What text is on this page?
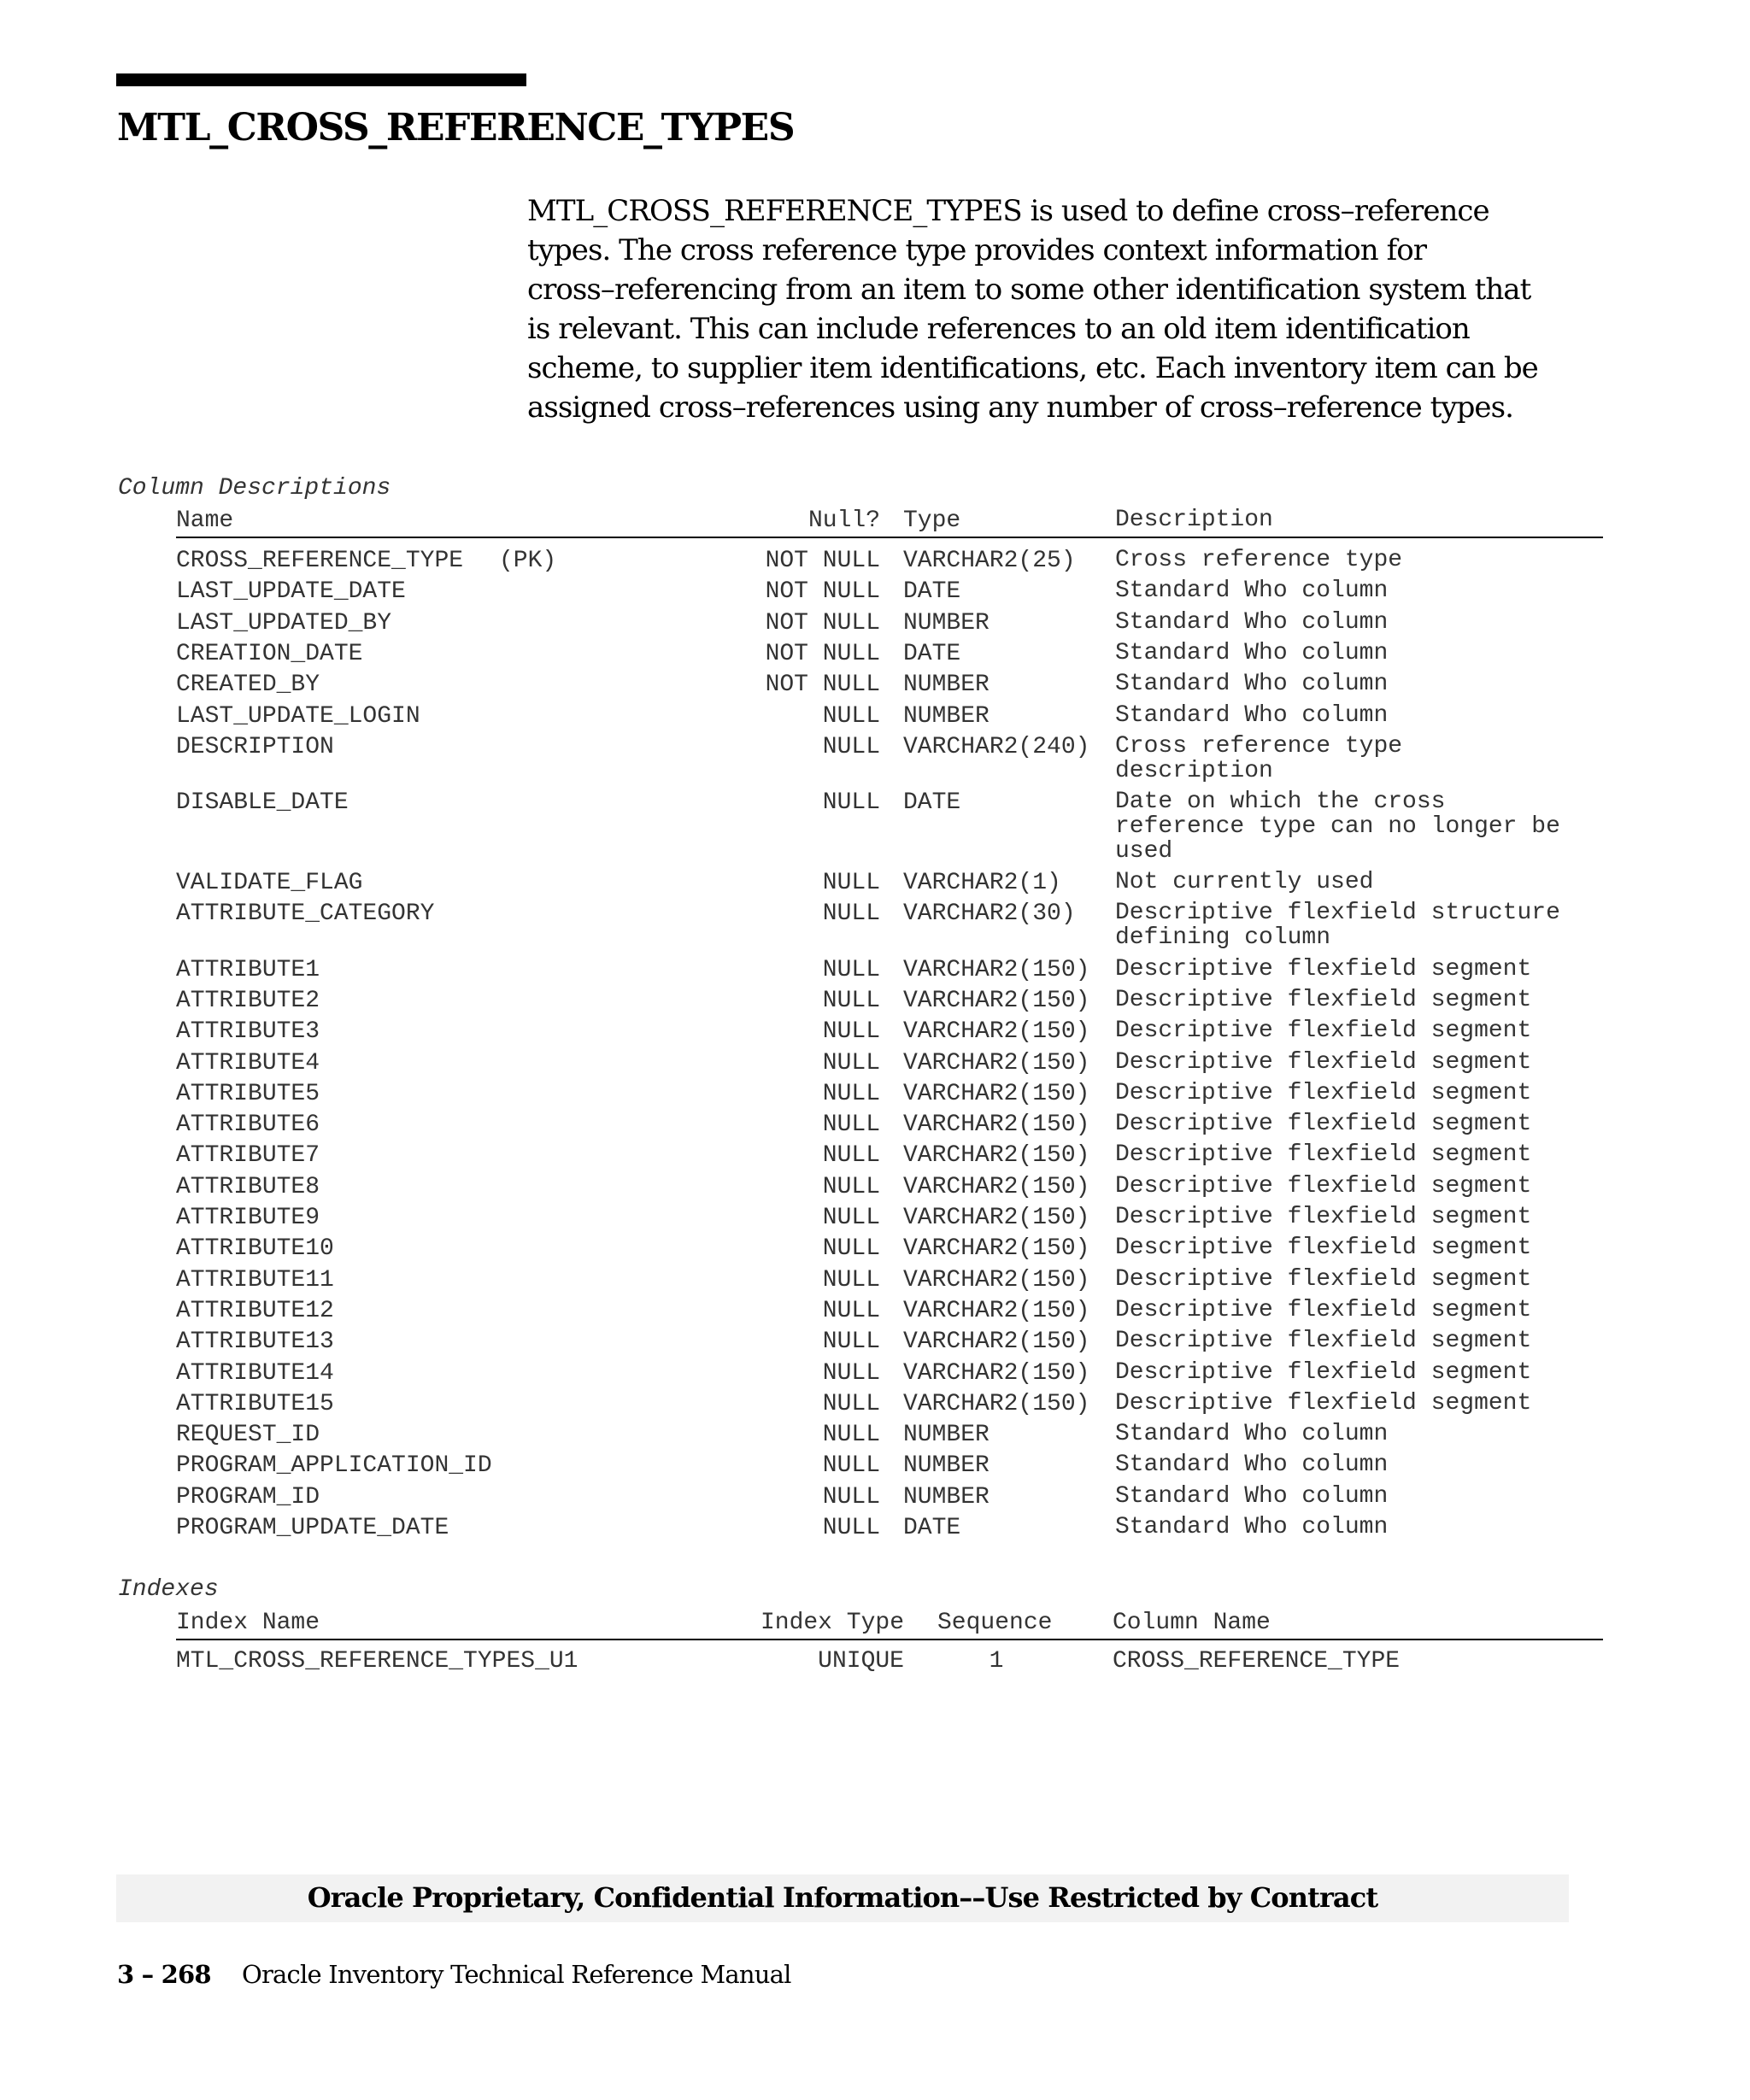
MTL_CROSS_REFERENCE_TYPES
MTL_CROSS_REFERENCE_TYPES is used to define cross–reference
types. The cross reference type provides context information for
cross–referencing from an item to some other identification system that
is relevant. This can include references to an old item identification
scheme, to supplier item identifications, etc. Each inventory item can be
assigned cross–references using any number of cross–reference types.
Column Descriptions
Name	Null? Type	Description
CROSS_REFERENCE_TYPE (PK)	NOT NULL VARCHAR2(25) Cross reference type
LAST_UPDATE_DATE	NOT NULL DATE	Standard Who column
LAST_UPDATED_BY	NOT NULL NUMBER	Standard Who column
CREATION_DATE	NOT NULL DATE	Standard Who column
CREATED_BY	NOT NULL NUMBER	Standard Who column
LAST_UPDATE_LOGIN	NULL NUMBER	Standard Who column
DESCRIPTION	NULL VARCHAR2(240) Cross reference type
description
DISABLE_DATE	NULL DATE	Date on which the cross
reference type can no longer be
used
VALIDATE_FLAG	NULL VARCHAR2(1) Not currently used
ATTRIBUTE_CATEGORY	NULL VARCHAR2(30) Descriptive flexfield structure
defining column
ATTRIBUTE1	NULL VARCHAR2(150) Descriptive flexfield segment
ATTRIBUTE2	NULL VARCHAR2(150) Descriptive flexfield segment
ATTRIBUTE3	NULL VARCHAR2(150) Descriptive flexfield segment
ATTRIBUTE4	NULL VARCHAR2(150) Descriptive flexfield segment
ATTRIBUTE5	NULL VARCHAR2(150) Descriptive flexfield segment
ATTRIBUTE6	NULL VARCHAR2(150) Descriptive flexfield segment
ATTRIBUTE7	NULL VARCHAR2(150) Descriptive flexfield segment
ATTRIBUTE8	NULL VARCHAR2(150) Descriptive flexfield segment
ATTRIBUTE9	NULL VARCHAR2(150) Descriptive flexfield segment
ATTRIBUTE10	NULL VARCHAR2(150) Descriptive flexfield segment
ATTRIBUTE11	NULL VARCHAR2(150) Descriptive flexfield segment
ATTRIBUTE12	NULL VARCHAR2(150) Descriptive flexfield segment
ATTRIBUTE13	NULL VARCHAR2(150) Descriptive flexfield segment
ATTRIBUTE14	NULL VARCHAR2(150) Descriptive flexfield segment
ATTRIBUTE15	NULL VARCHAR2(150) Descriptive flexfield segment
REQUEST_ID	NULL NUMBER	Standard Who column
PROGRAM_APPLICATION_ID	NULL NUMBER	Standard Who column
PROGRAM_ID	NULL NUMBER	Standard Who column
PROGRAM_UPDATE_DATE	NULL DATE	Standard Who column
Indexes
Index Name	Index Type Sequence	Column Name
MTL_CROSS_REFERENCE_TYPES_U1	UNIQUE	1	CROSS_REFERENCE_TYPE
Oracle Proprietary, Confidential Information––Use Restricted by Contract
3 – 268 Oracle Inventory Technical Reference Manual
